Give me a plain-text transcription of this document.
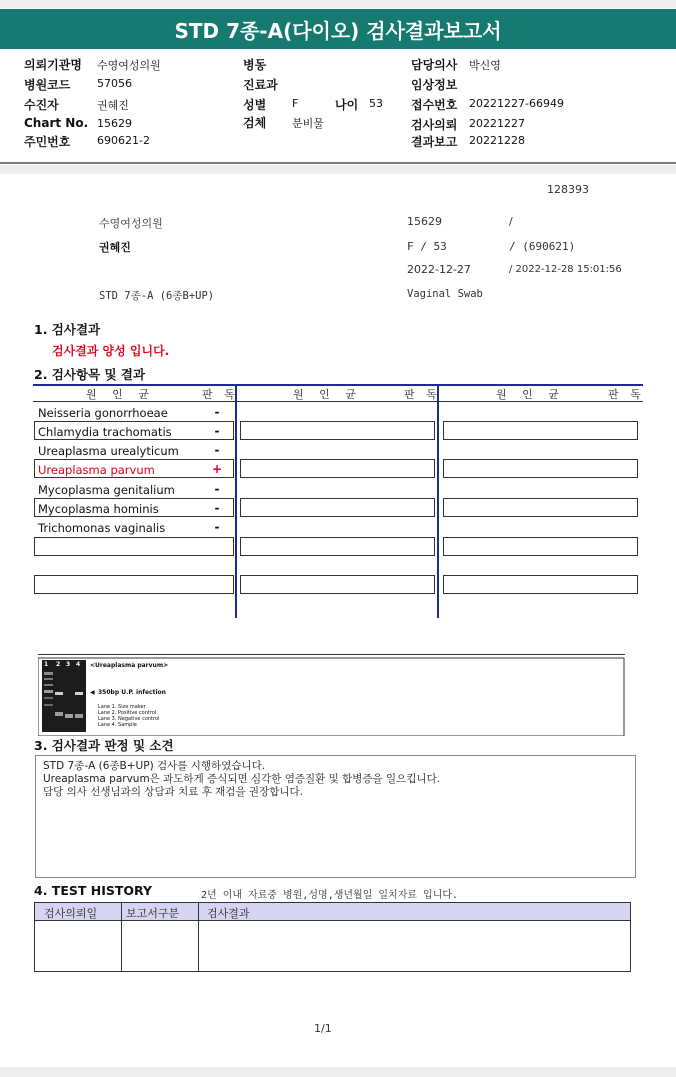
STD 7종-A(다이오) 검사결과보고서
의뢰기관명 수영여성의원
병원코드 57056
수진자	권혜진
Chart No. 15629
주민번호 690621-2
병동
진료과
성별 F	나이 53
검체 분비물
담당의사 박신영
임상정보
접수번호 20221227-66949
검사의뢰 20221227
결과보고 20221228
128393
수영여성의원	15629	/
권혜진	F / 53	/ (690621)
2022-12-27	/ 2022-12-28 15:01:56
STD 7종-A (6종B+UP)	Vaginal Swab
1. 검사결과
검사결과 양성 입니다.
2. 검사항목 및 결과
원 인 균	판 독	원 인 균	판 독	원 인 균	판 독
Neisseria gonorrhoeae	-
Chlamydia trachomatis	-
Ureaplasma urealyticum	-
Ureaplasma parvum	+
Mycoplasma genitalium	-
Mycoplasma hominis	-
Trichomonas vaginalis	-
1 2 3 4 <Ureaplasma parvum>
◀ 350bp U.P. infection
Lane 1. Size maker
Lane 2. Positive control
Lane 3. Negative control
Lane 4. Sample
3. 검사결과 판정 및 소견
STD 7종-A (6종B+UP) 검사를 시행하였습니다.
Ureaplasma parvum은 과도하게 증식되면 심각한 염증질환 및 합병증을 일으킵니다.
담당 의사 선생님과의 상담과 치료 후 재검을 권장합니다.
4. TEST HISTORY	2년 이내 자료중 병원,성명,생년월일 일치자료 입니다.
검사의뢰일	보고서구분	검사결과
1/1
